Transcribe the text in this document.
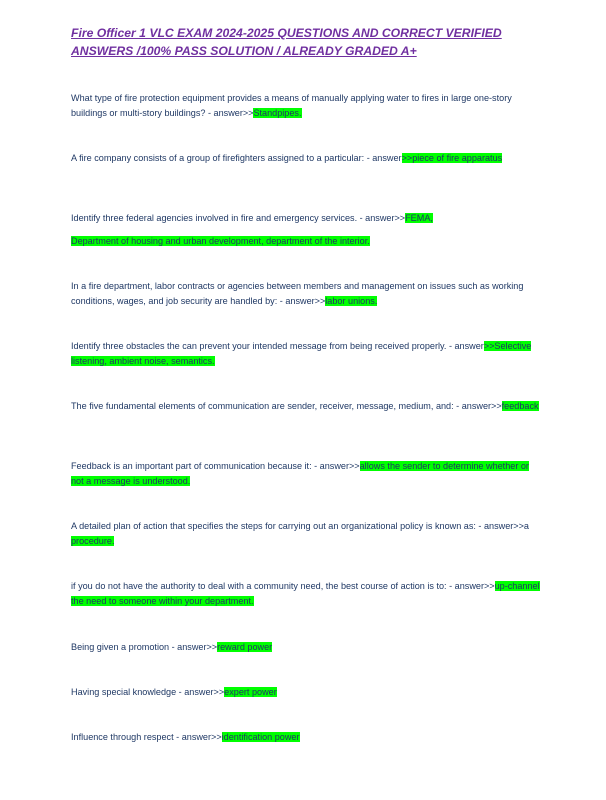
Fire Officer 1 VLC EXAM 2024-2025 QUESTIONS AND CORRECT VERIFIED ANSWERS /100% PASS SOLUTION / ALREADY GRADED A+

What type of fire protection equipment provides a means of manually applying water to fires in large one-story buildings or multi-story buildings? - answer>>Standpipes.

A fire company consists of a group of firefighters assigned to a particular: - answer>>piece of fire apparatus

Identify three federal agencies involved in fire and emergency services. - answer>>FEMA,
Department of housing and urban development, department of the interior.

In a fire department, labor contracts or agencies between members and management on issues such as working conditions, wages, and job security are handled by: - answer>>labor unions.

Identify three obstacles the can prevent your intended message from being received properly. - answer>>Selective listening, ambient noise, semantics.

The five fundamental elements of communication are sender, receiver, message, medium, and: - answer>>feedback

Feedback is an important part of communication because it: - answer>>allows the sender to determine whether or not a message is understood.

A detailed plan of action that specifies the steps for carrying out an organizational policy is known as: - answer>>a procedure.

if you do not have the authority to deal with a community need, the best course of action is to: - answer>>up-channel the need to someone within your department.

Being given a promotion - answer>>reward power

Having special knowledge - answer>>expert power

Influence through respect - answer>>identification power
